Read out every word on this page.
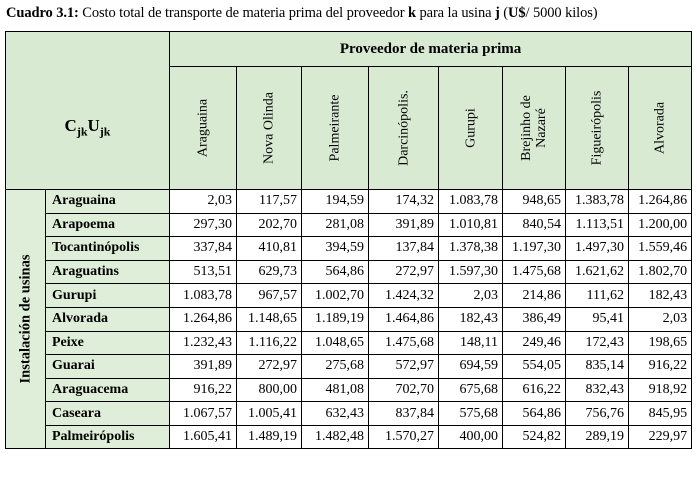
Cuadro 3.1: Costo total de transporte de materia prima del proveedor k para la usina j (U$/ 5000 kilos)
		Proveedor de materia prima							
$C_{jk}U_{jk}$		Araguaina	Nova Olinda	Palmeirante	Darcinópolis.	Gurupi	Brejinho de Nazaré	Figueirópolis	Alvorada

Instalación de usinas	Araguaina	2,03	117,57	194,59	174,32	1.083,78	948,65	1.383,78	1.264,86
	Arapoema	297,30	202,70	281,08	391,89	1.010,81	840,54	1.113,51	1.200,00
	Tocantinópolis	337,84	410,81	394,59	137,84	1.378,38	1.197,30	1.497,30	1.559,46
	Araguatins	513,51	629,73	564,86	272,97	1.597,30	1.475,68	1.621,62	1.802,70
	Gurupi	1.083,78	967,57	1.002,70	1.424,32	2,03	214,86	111,62	182,43
	Alvorada	1.264,86	1.148,65	1.189,19	1.464,86	182,43	386,49	95,41	2,03
	Peixe	1.232,43	1.116,22	1.048,65	1.475,68	148,11	249,46	172,43	198,65
	Guarai	391,89	272,97	275,68	572,97	694,59	554,05	835,14	916,22
	Araguacema	916,22	800,00	481,08	702,70	675,68	616,22	832,43	918,92
	Caseara	1.067,57	1.005,41	632,43	837,84	575,68	564,86	756,76	845,95
	Palmeirópolis	1.605,41	1.489,19	1.482,48	1.570,27	400,00	524,82	289,19	229,97
